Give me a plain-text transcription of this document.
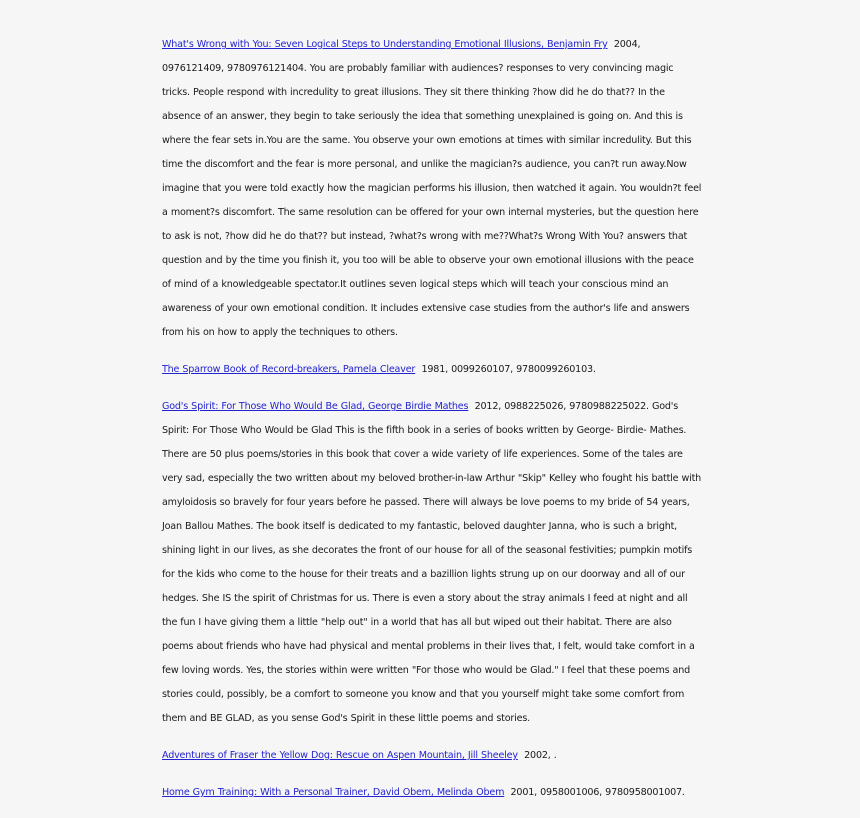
What's Wrong with You: Seven Logical Steps to Understanding Emotional Illusions, Benjamin Fry 2004, 0976121409, 9780976121404. You are probably familiar with audiences? responses to very convincing magic tricks. People respond with incredulity to great illusions. They sit there thinking ?how did he do that?? In the absence of an answer, they begin to take seriously the idea that something unexplained is going on. And this is where the fear sets in.You are the same. You observe your own emotions at times with similar incredulity. But this time the discomfort and the fear is more personal, and unlike the magician?s audience, you can?t run away.Now imagine that you were told exactly how the magician performs his illusion, then watched it again. You wouldn?t feel a moment?s discomfort. The same resolution can be offered for your own internal mysteries, but the question here to ask is not, ?how did he do that?? but instead, ?what?s wrong with me??What?s Wrong With You? answers that question and by the time you finish it, you too will be able to observe your own emotional illusions with the peace of mind of a knowledgeable spectator.It outlines seven logical steps which will teach your conscious mind an awareness of your own emotional condition. It includes extensive case studies from the author's life and answers from his on how to apply the techniques to others.

The Sparrow Book of Record-breakers, Pamela Cleaver 1981, 0099260107, 9780099260103.

God's Spirit: For Those Who Would Be Glad, George Birdie Mathes 2012, 0988225026, 9780988225022. God's Spirit: For Those Who Would be Glad This is the fifth book in a series of books written by George- Birdie- Mathes. There are 50 plus poems/stories in this book that cover a wide variety of life experiences. Some of the tales are very sad, especially the two written about my beloved brother-in-law Arthur "Skip" Kelley who fought his battle with amyloidosis so bravely for four years before he passed. There will always be love poems to my bride of 54 years, Joan Ballou Mathes. The book itself is dedicated to my fantastic, beloved daughter Janna, who is such a bright, shining light in our lives, as she decorates the front of our house for all of the seasonal festivities; pumpkin motifs for the kids who come to the house for their treats and a bazillion lights strung up on our doorway and all of our hedges. She IS the spirit of Christmas for us. There is even a story about the stray animals I feed at night and all the fun I have giving them a little "help out" in a world that has all but wiped out their habitat. There are also poems about friends who have had physical and mental problems in their lives that, I felt, would take comfort in a few loving words. Yes, the stories within were written "For those who would be Glad." I feel that these poems and stories could, possibly, be a comfort to someone you know and that you yourself might take some comfort from them and BE GLAD, as you sense God's Spirit in these little poems and stories.

Adventures of Fraser the Yellow Dog: Rescue on Aspen Mountain, Jill Sheeley 2002, .

Home Gym Training: With a Personal Trainer, David Obem, Melinda Obem 2001, 0958001006, 9780958001007.
